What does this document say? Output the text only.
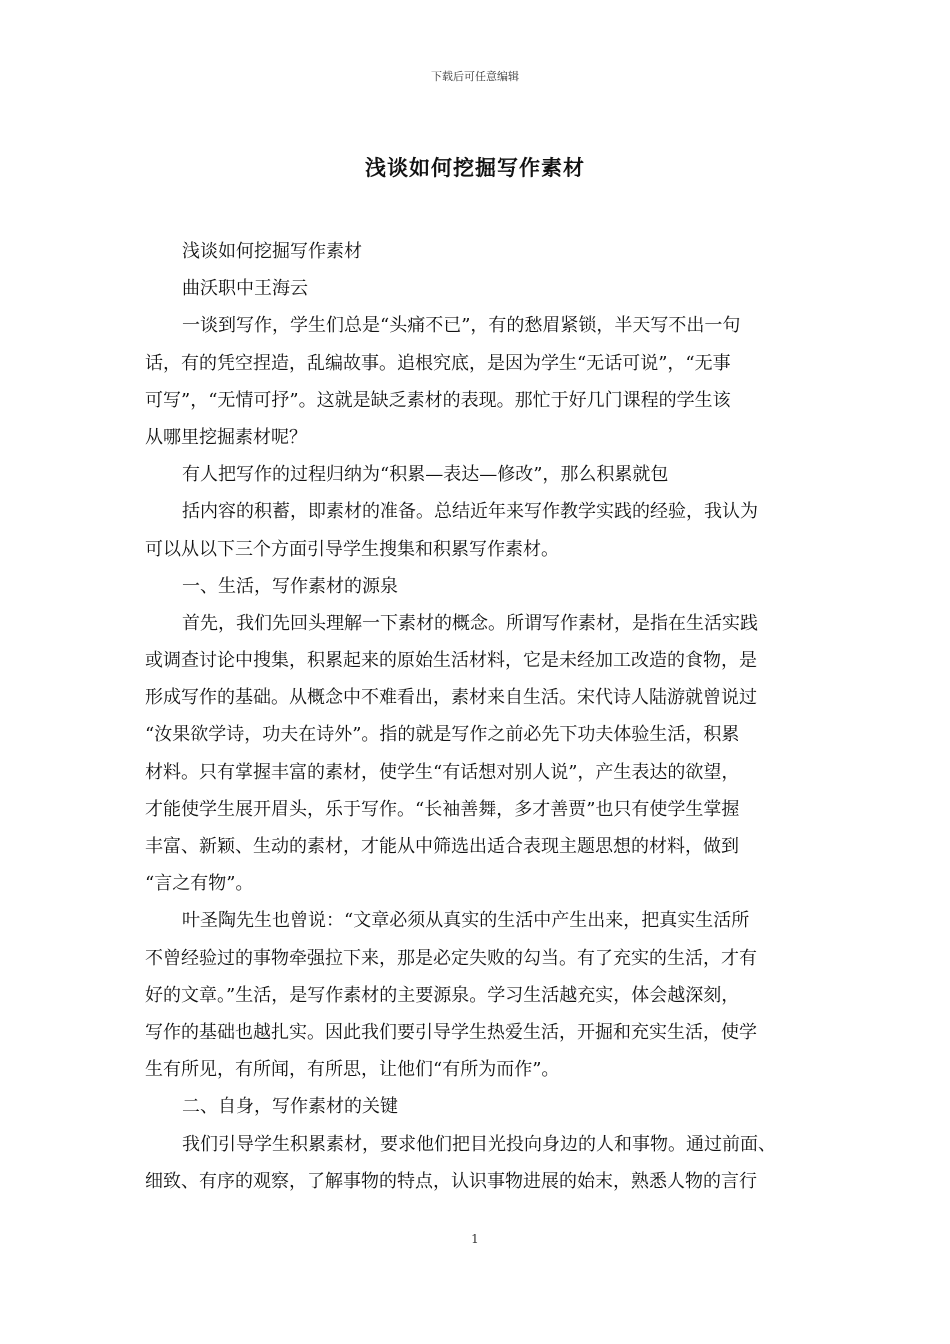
下载后可任意编辑
浅谈如何挖掘写作素材
浅谈如何挖掘写作素材
曲沃职中王海云
一谈到写作，学生们总是“头痛不已”，有的愁眉紧锁，半天写不出一句
话，有的凭空捏造，乱编故事。追根究底，是因为学生“无话可说”，“无事
可写”，“无情可抒”。这就是缺乏素材的表现。那忙于好几门课程的学生该
从哪里挖掘素材呢？
有人把写作的过程归纳为“积累—表达—修改”，那么积累就包
括内容的积蓄，即素材的准备。总结近年来写作教学实践的经验，我认为
可以从以下三个方面引导学生搜集和积累写作素材。
一、生活，写作素材的源泉
首先，我们先回头理解一下素材的概念。所谓写作素材，是指在生活实践
或调查讨论中搜集，积累起来的原始生活材料，它是未经加工改造的食物，是
形成写作的基础。从概念中不难看出，素材来自生活。宋代诗人陆游就曾说过
“汝果欲学诗，功夫在诗外”。指的就是写作之前必先下功夫体验生活，积累
材料。只有掌握丰富的素材，使学生“有话想对别人说”，产生表达的欲望，
才能使学生展开眉头，乐于写作。“长袖善舞，多才善贾”也只有使学生掌握
丰富、新颖、生动的素材，才能从中筛选出适合表现主题思想的材料，做到
“言之有物”。
叶圣陶先生也曾说：“文章必须从真实的生活中产生出来，把真实生活所
不曾经验过的事物牵强拉下来，那是必定失败的勾当。有了充实的生活，才有
好的文章。”生活，是写作素材的主要源泉。学习生活越充实，体会越深刻，
写作的基础也越扎实。因此我们要引导学生热爱生活，开掘和充实生活，使学
生有所见，有所闻，有所思，让他们“有所为而作”。
二、自身，写作素材的关键
我们引导学生积累素材，要求他们把目光投向身边的人和事物。通过前面、
细致、有序的观察，了解事物的特点，认识事物进展的始末，熟悉人物的言行
1
